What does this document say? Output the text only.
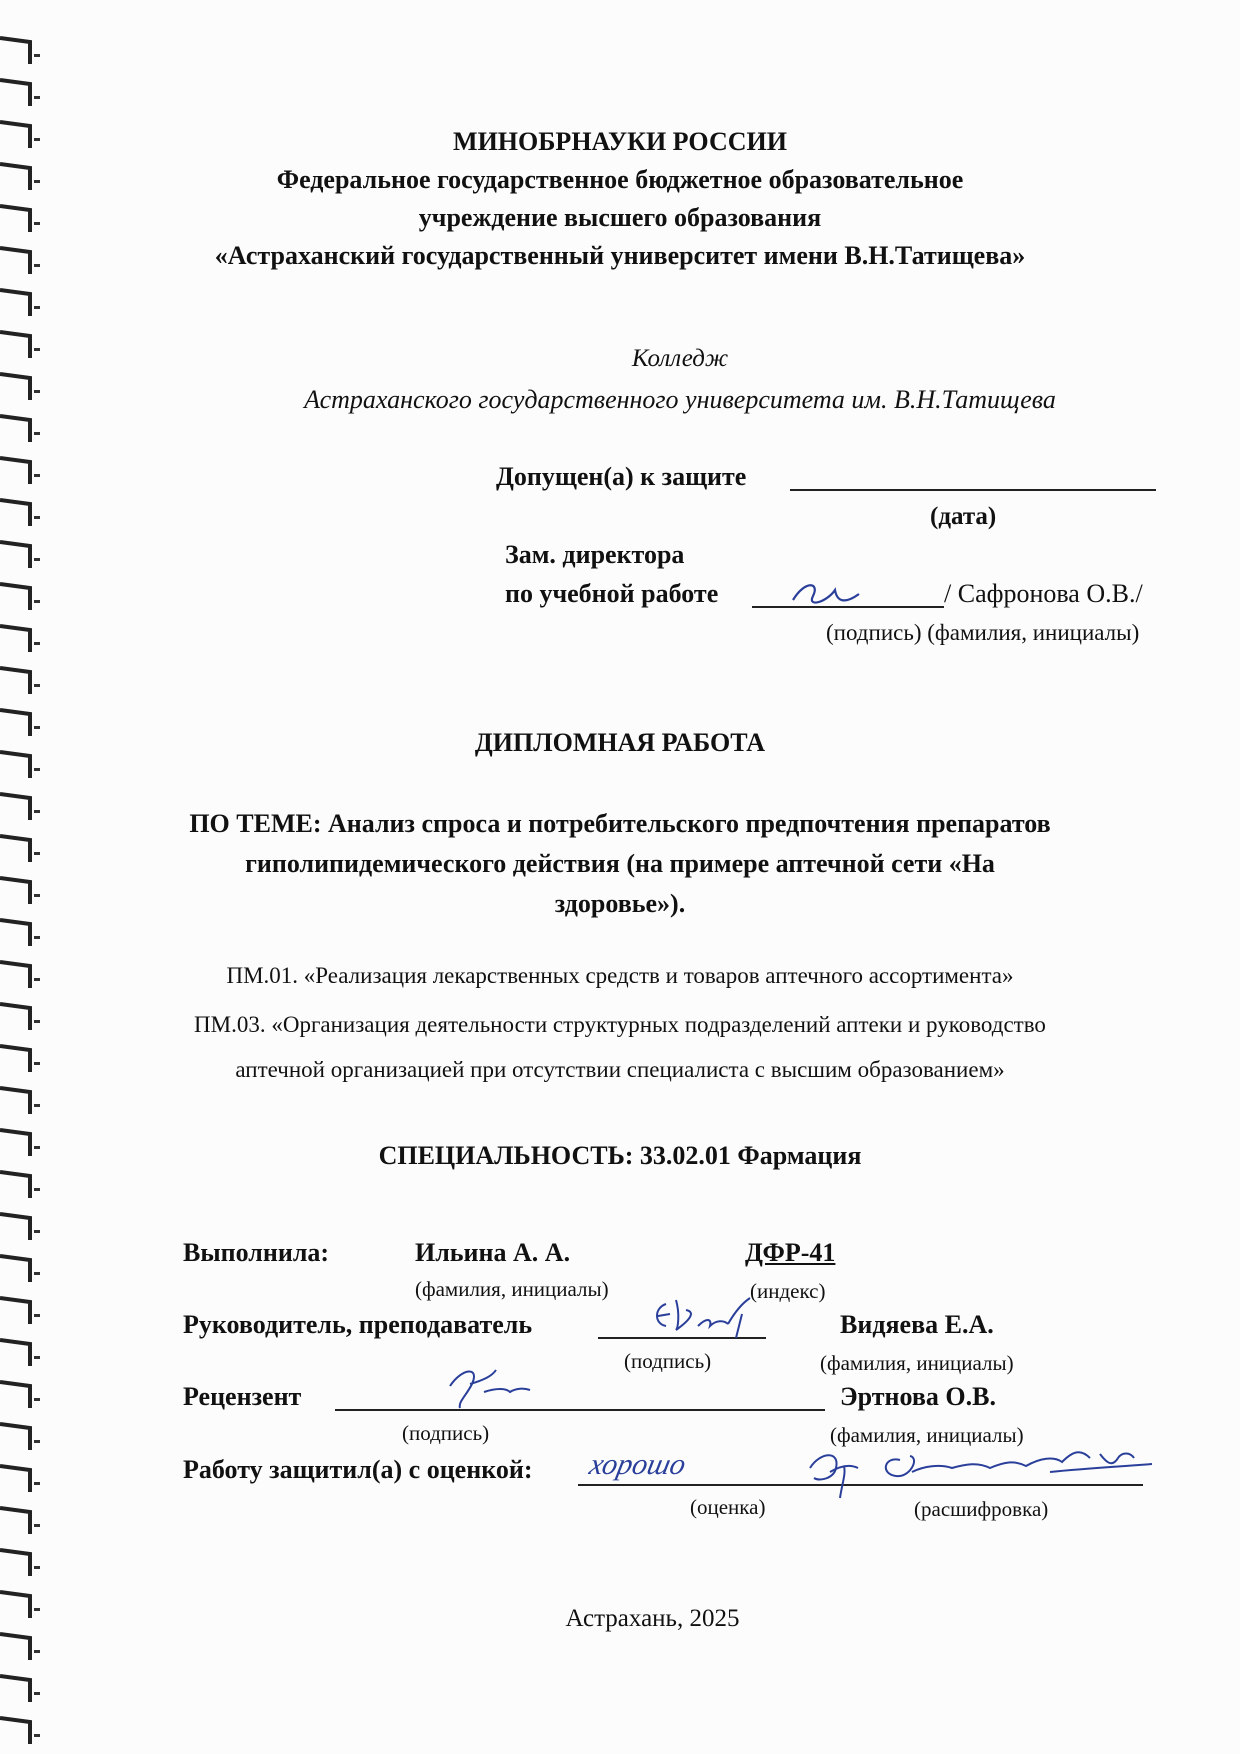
МИНОБРНАУКИ РОССИИ
Федеральное государственное бюджетное образовательное
учреждение высшего образования
«Астраханский государственный университет имени В.Н.Татищева»
Колледж
Астраханского государственного университета им. В.Н.Татищева
Допущен(а) к защите
(дата)
Зам. директора
по учебной работе	/ Сафронова О.В./
(подпись) (фамилия, инициалы)
ДИПЛОМНАЯ РАБОТА
ПО ТЕМЕ: Анализ спроса и потребительского предпочтения препаратов
гиполипидемического действия (на примере аптечной сети «На
здоровье»).
ПМ.01. «Реализация лекарственных средств и товаров аптечного ассортимента»
ПМ.03. «Организация деятельности структурных подразделений аптеки и руководство
аптечной организацией при отсутствии специалиста с высшим образованием»
СПЕЦИАЛЬНОСТЬ: 33.02.01 Фармация
Выполнила:	Ильина А. А.	ДФР-41
(фамилия, инициалы)	(индекс)
Руководитель, преподаватель	Видяева Е.А.
(подпись)	(фамилия, инициалы)
Рецензент	Эртнова О.В.
(подпись)	(фамилия, инициалы)
Работу защитил(а) с оценкой: хорошо
(оценка)	(расшифровка)
Астрахань, 2025
